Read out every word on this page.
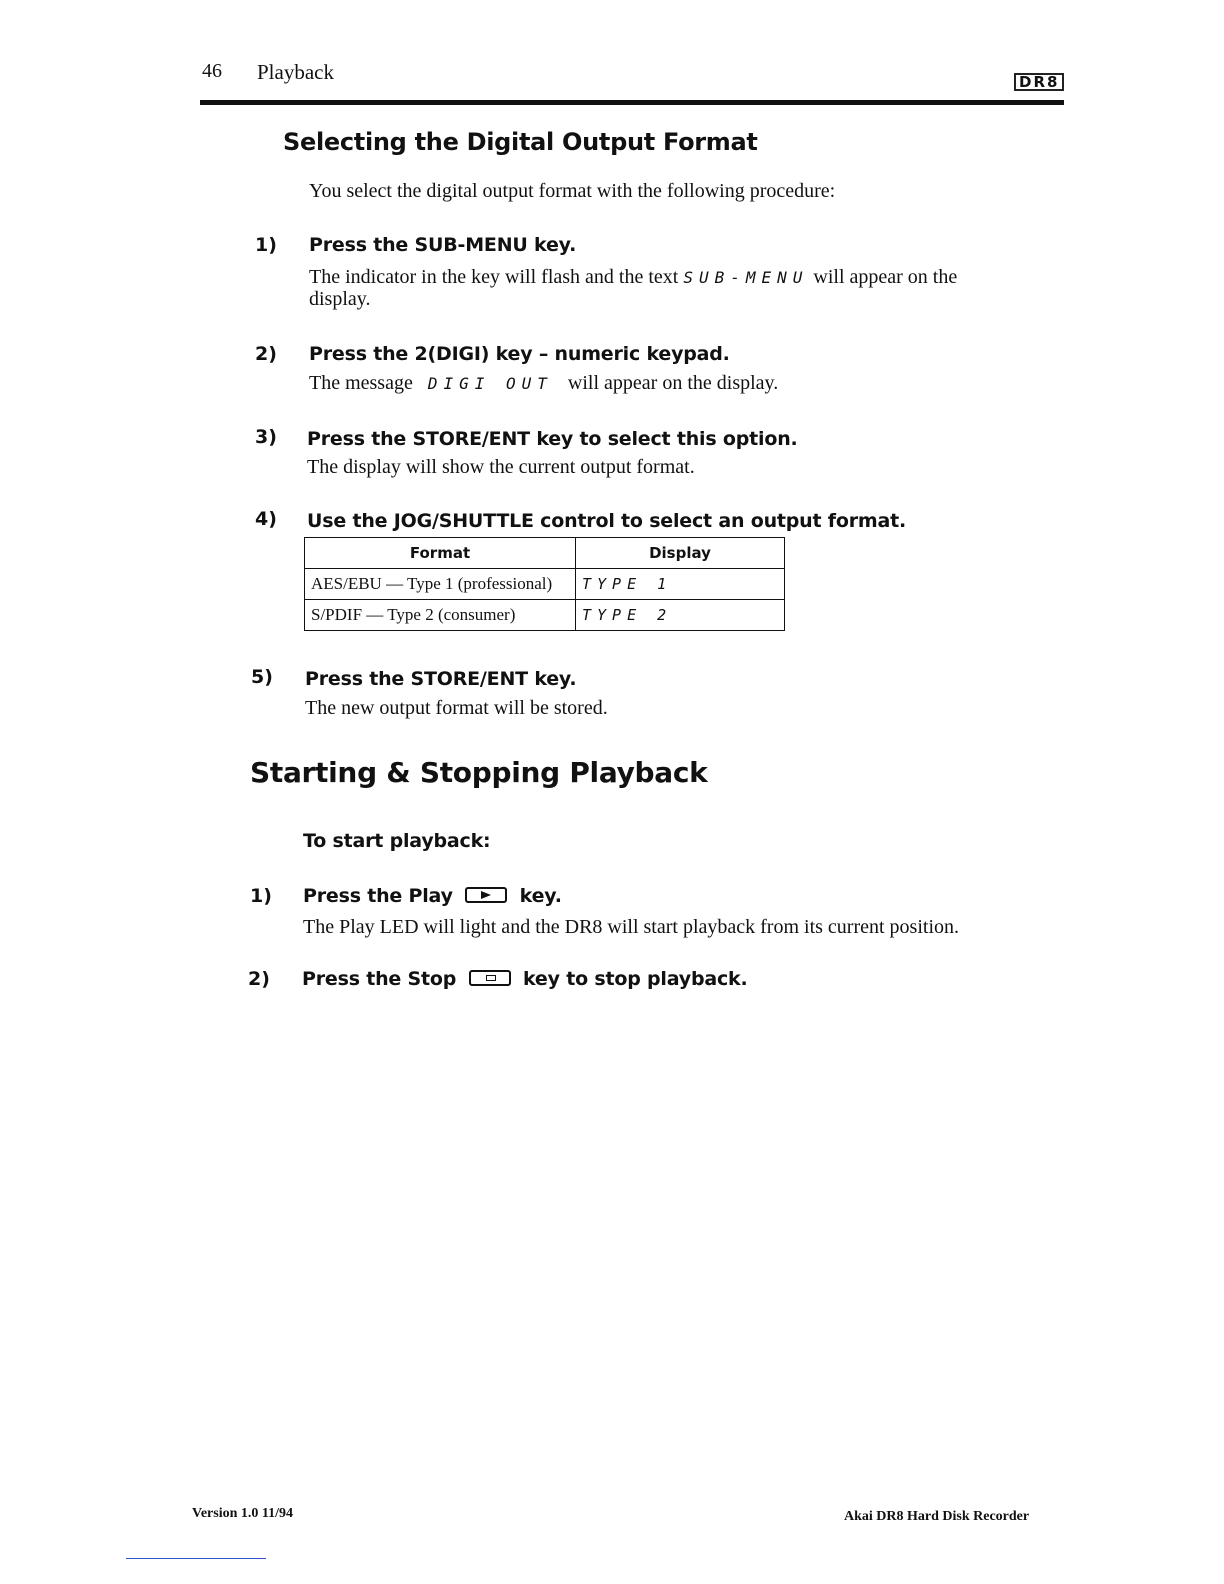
46 Playback	DR8
Selecting the Digital Output Format
You select the digital output format with the following procedure:
1) Press the SUB-MENU key.
The indicator in the key will flash and the text SUB-MENU will appear on the
display.
2) Press the 2(DIGI) key – numeric keypad.
The message DIGI OUT will appear on the display.
3) Press the STORE/ENT key to select this option.
The display will show the current output format.
4) Use the JOG/SHUTTLE control to select an output format.
Format	Display
AES/EBU — Type 1 (professional)	TYPE 1
S/PDIF — Type 2 (consumer)	TYPE 2
5) Press the STORE/ENT key.
The new output format will be stored.
Starting & Stopping Playback
To start playback:
1) Press the Play	key.
The Play LED will light and the DR8 will start playback from its current position.
2) Press the Stop	key to stop playback.
Version 1.0 11/94	Akai DR8 Hard Disk Recorder
